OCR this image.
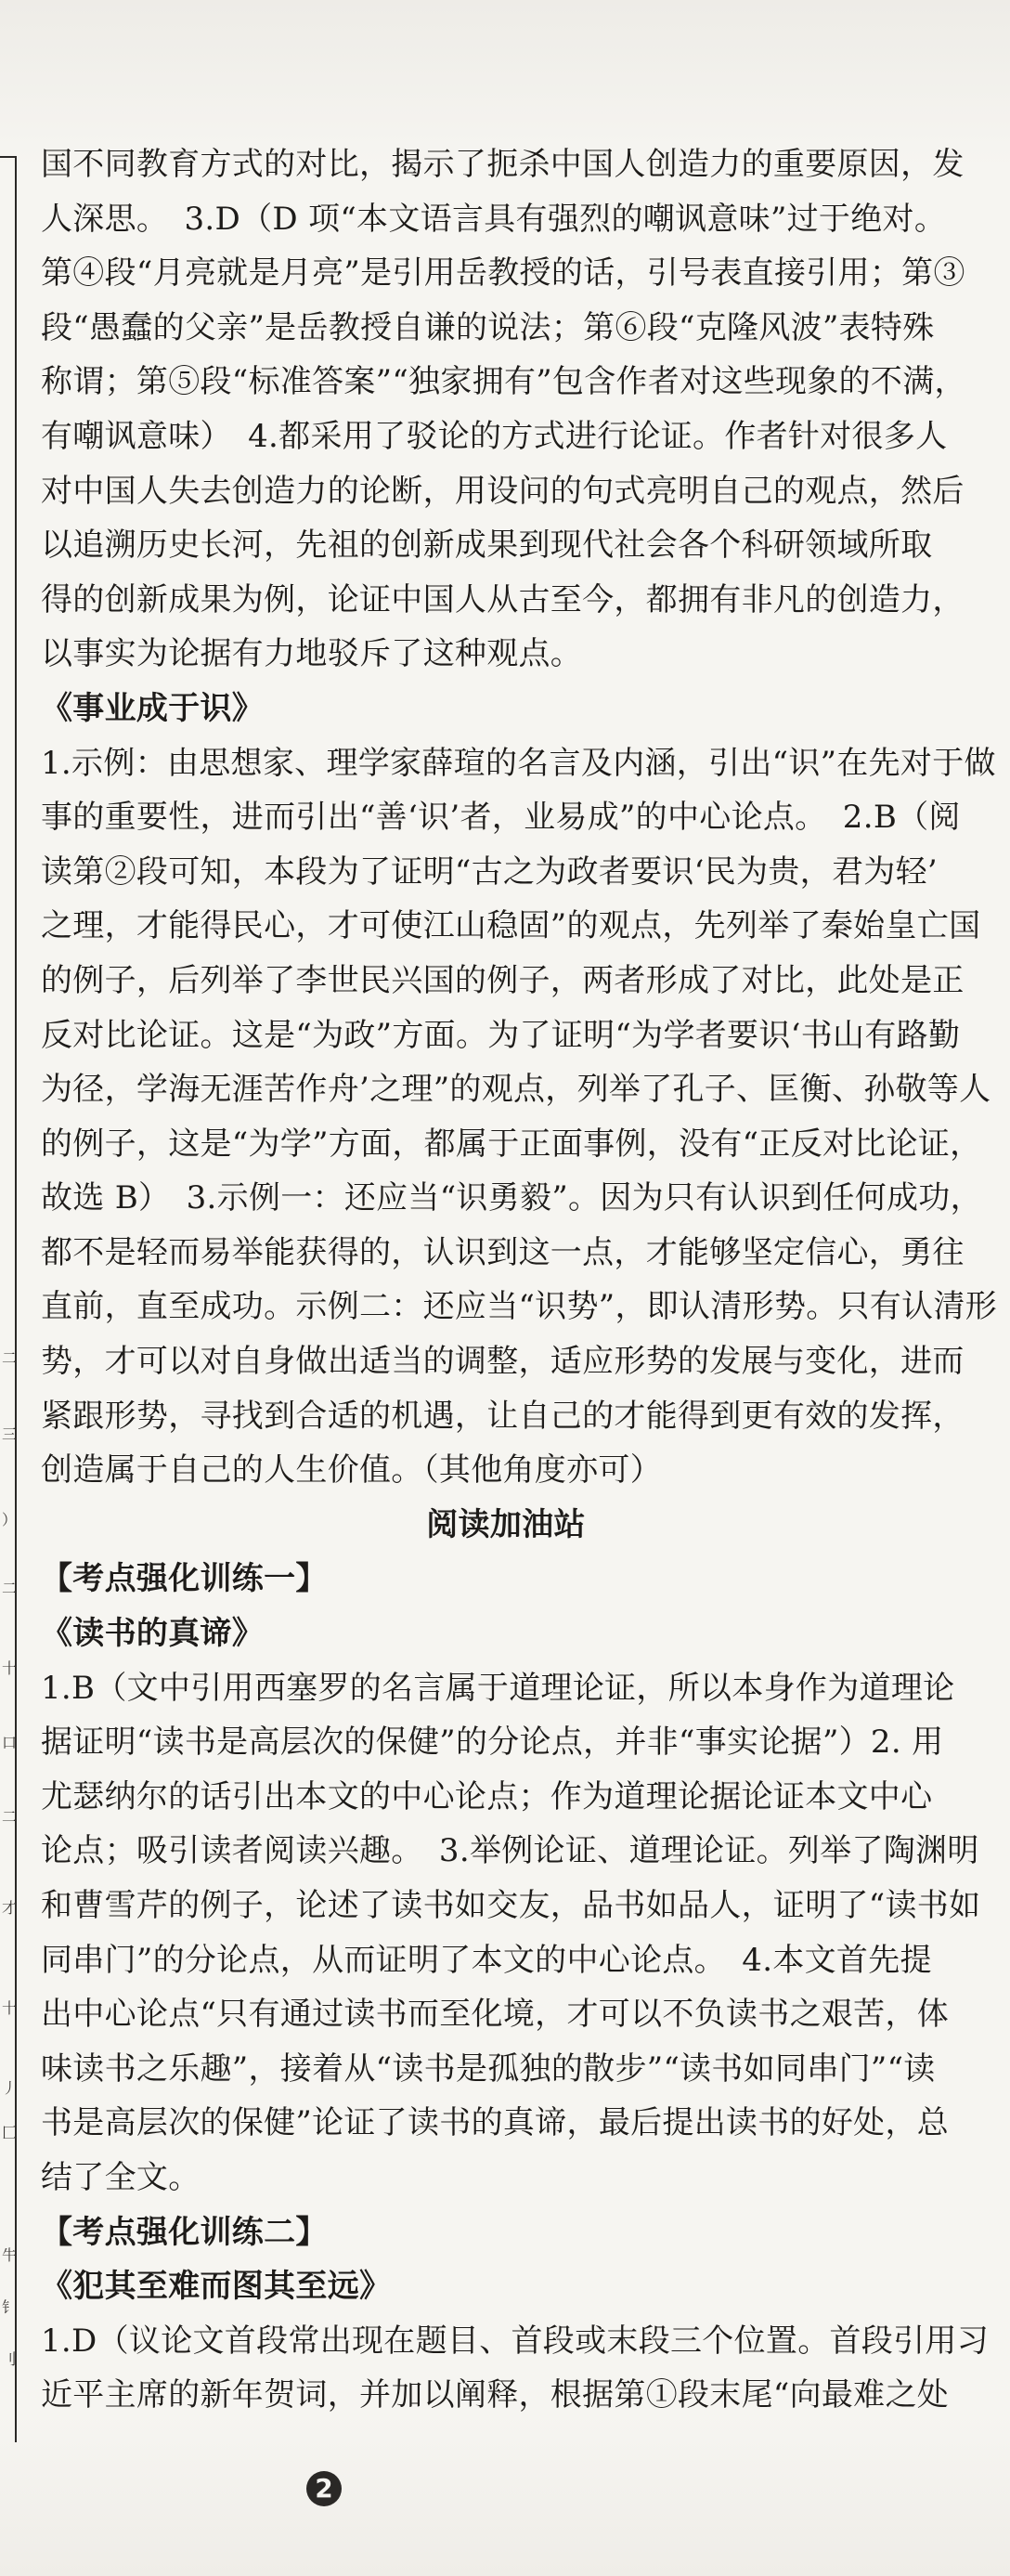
二
三
）
二
十
口
二
才
十
丿
匚
牛
钅
刂
国不同教育方式的对比，揭示了扼杀中国人创造力的重要原因，发
人深思。　3.D（D 项“本文语言具有强烈的嘲讽意味”过于绝对。
第④段“月亮就是月亮”是引用岳教授的话，引号表直接引用；第③
段“愚蠢的父亲”是岳教授自谦的说法；第⑥段“克隆风波”表特殊
称谓；第⑤段“标准答案”“独家拥有”包含作者对这些现象的不满，
有嘲讽意味）　4.都采用了驳论的方式进行论证。作者针对很多人
对中国人失去创造力的论断，用设问的句式亮明自己的观点，然后
以追溯历史长河，先祖的创新成果到现代社会各个科研领域所取
得的创新成果为例，论证中国人从古至今，都拥有非凡的创造力，
以事实为论据有力地驳斥了这种观点。
《事业成于识》
1.示例：由思想家、理学家薛瑄的名言及内涵，引出“识”在先对于做
事的重要性，进而引出“善‘识’者，业易成”的中心论点。　2.B（阅
读第②段可知，本段为了证明“古之为政者要识‘民为贵，君为轻’
之理，才能得民心，才可使江山稳固”的观点，先列举了秦始皇亡国
的例子，后列举了李世民兴国的例子，两者形成了对比，此处是正
反对比论证。这是“为政”方面。为了证明“为学者要识‘书山有路勤
为径，学海无涯苦作舟’之理”的观点，列举了孔子、匡衡、孙敬等人
的例子，这是“为学”方面，都属于正面事例，没有“正反对比论证，
故选 B）　3.示例一：还应当“识勇毅”。因为只有认识到任何成功，
都不是轻而易举能获得的，认识到这一点，才能够坚定信心，勇往
直前，直至成功。示例二：还应当“识势”，即认清形势。只有认清形
势，才可以对自身做出适当的调整，适应形势的发展与变化，进而
紧跟形势，寻找到合适的机遇，让自己的才能得到更有效的发挥，
创造属于自己的人生价值。（其他角度亦可）
阅读加油站
【考点强化训练一】
《读书的真谛》
1.B（文中引用西塞罗的名言属于道理论证，所以本身作为道理论
据证明“读书是高层次的保健”的分论点，并非“事实论据”）2. 用
尤瑟纳尔的话引出本文的中心论点；作为道理论据论证本文中心
论点；吸引读者阅读兴趣。　3.举例论证、道理论证。列举了陶渊明
和曹雪芹的例子，论述了读书如交友，品书如品人，证明了“读书如
同串门”的分论点，从而证明了本文的中心论点。　4.本文首先提
出中心论点“只有通过读书而至化境，才可以不负读书之艰苦，体
味读书之乐趣”，接着从“读书是孤独的散步”“读书如同串门”“读
书是高层次的保健”论证了读书的真谛，最后提出读书的好处，总
结了全文。
【考点强化训练二】
《犯其至难而图其至远》
1.D（议论文首段常出现在题目、首段或末段三个位置。首段引用习
近平主席的新年贺词，并加以阐释，根据第①段末尾“向最难之处
2
